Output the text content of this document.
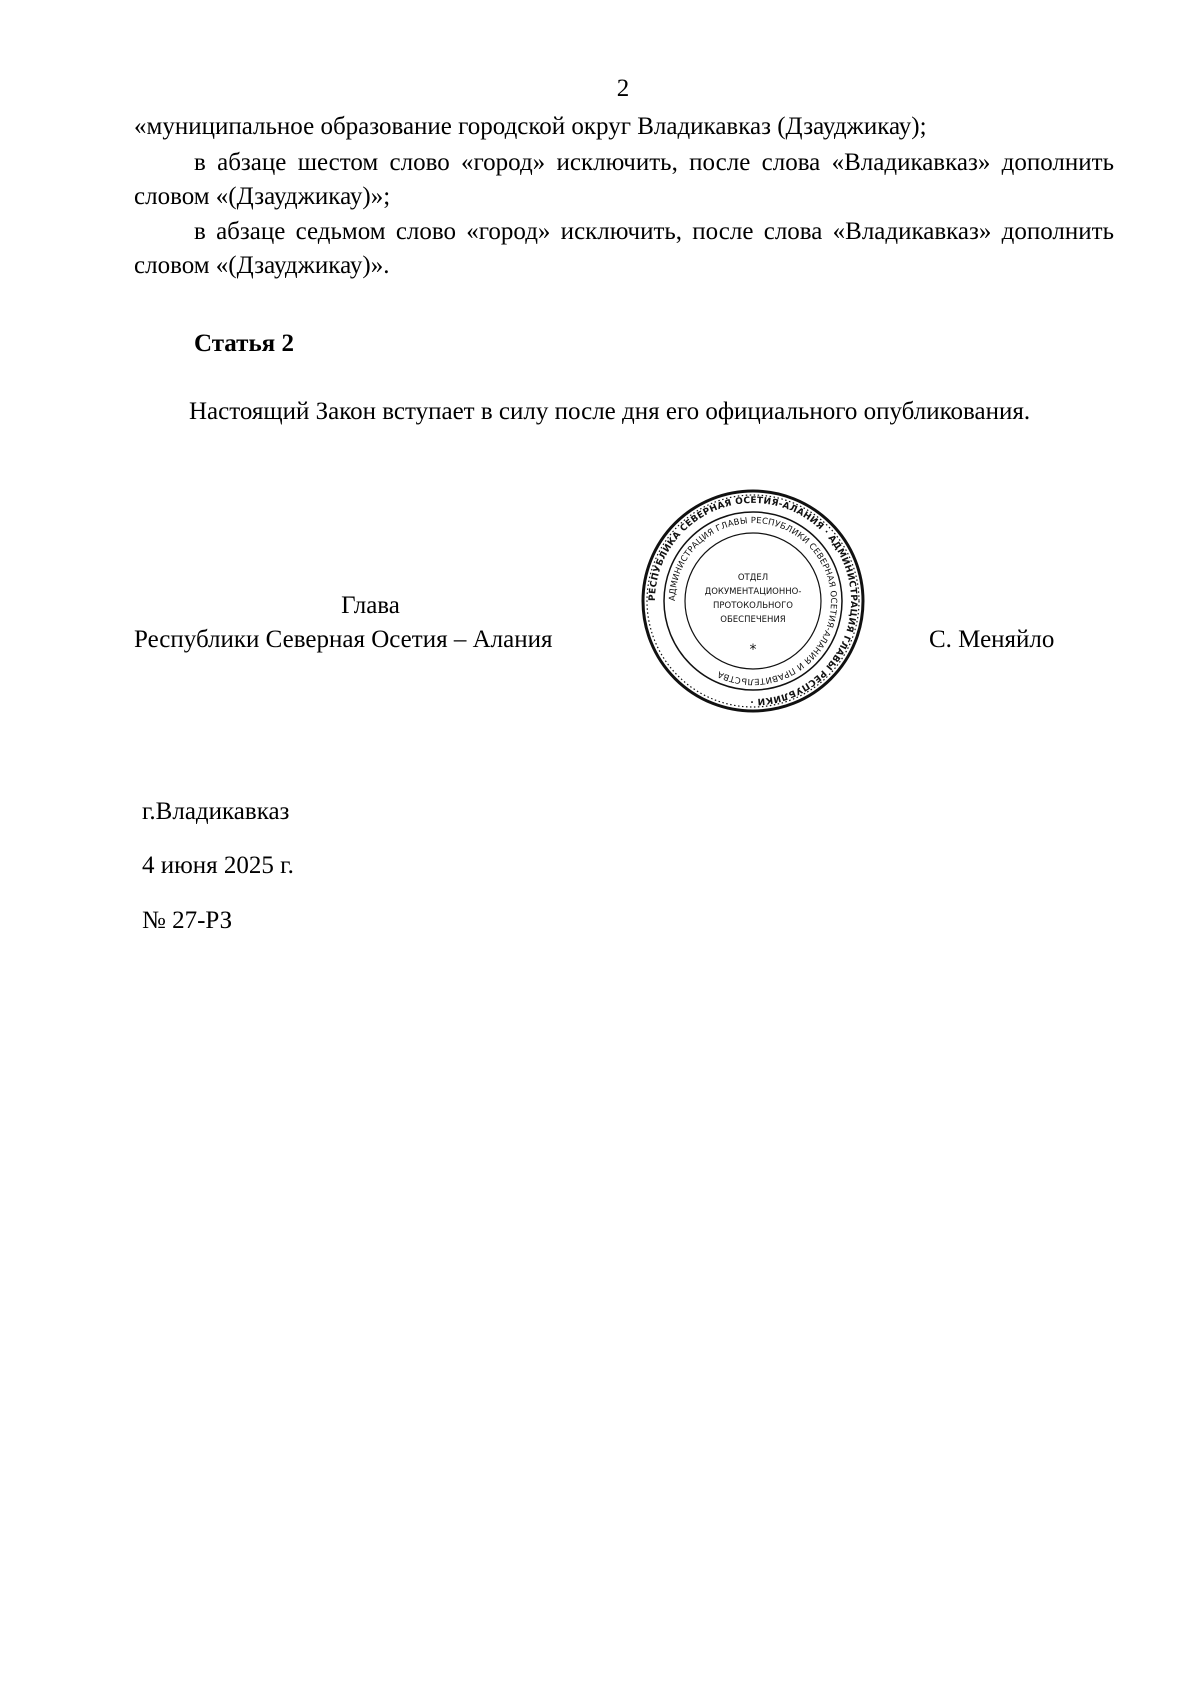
2
«муниципальное образование городской округ Владикавказ (Дзауджикау);
в абзаце шестом слово «город» исключить, после слова «Владикавказ» дополнить словом «(Дзауджикау)»;
в абзаце седьмом слово «город» исключить, после слова «Владикавказ» дополнить словом «(Дзауджикау)».
Статья 2
Настоящий Закон вступает в силу после дня его официального опубликования.
Глава
Республики Северная Осетия – Алания	С. Меняйло
РЕСПУБЛИКА СЕВЕРНАЯ ОСЕТИЯ-АЛАНИЯ · АДМИНИСТРАЦИЯ ГЛАВЫ РЕСПУБЛИКИ ·
АДМИНИСТРАЦИЯ ГЛАВЫ РЕСПУБЛИКИ СЕВЕРНАЯ ОСЕТИЯ-АЛАНИЯ И ПРАВИТЕЛЬСТВА
ОТДЕЛ
ДОКУМЕНТАЦИОННО-
ПРОТОКОЛЬНОГО
ОБЕСПЕЧЕНИЯ
*
г.Владикавказ
4 июня 2025 г.
№ 27-РЗ
